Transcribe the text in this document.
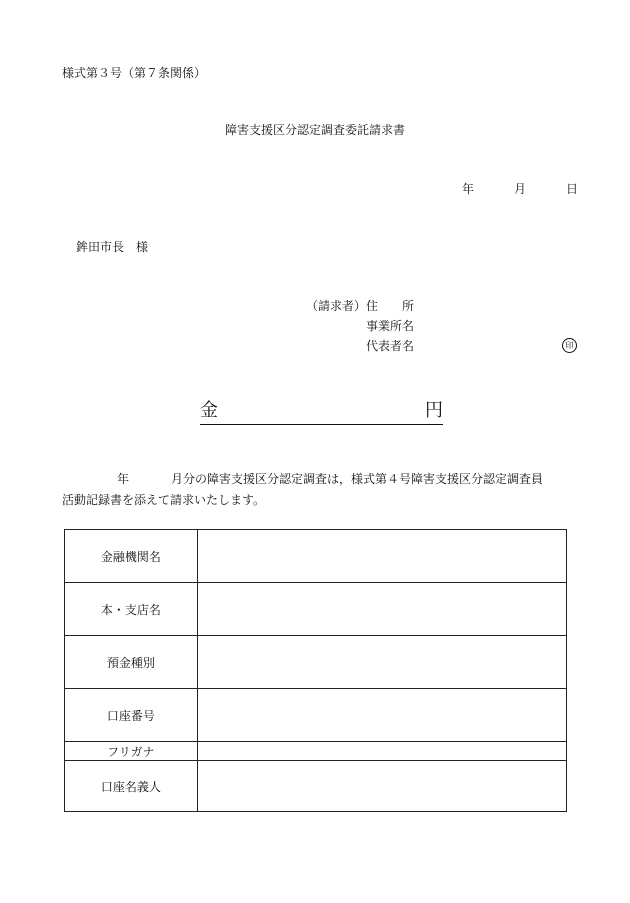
様式第３号（第７条関係）
障害支援区分認定調査委託請求書
年	月	日
鉾田市長　様
（請求者） 住　　所
事業所名
代表者名	印
金	円
年	月分の障害支援区分認定調査は，様式第４号障害支援区分認定調査員
活動記録書を添えて請求いたします。
金融機関名	
本・支店名	
預金種別	
口座番号	
フリガナ	
口座名義人	
